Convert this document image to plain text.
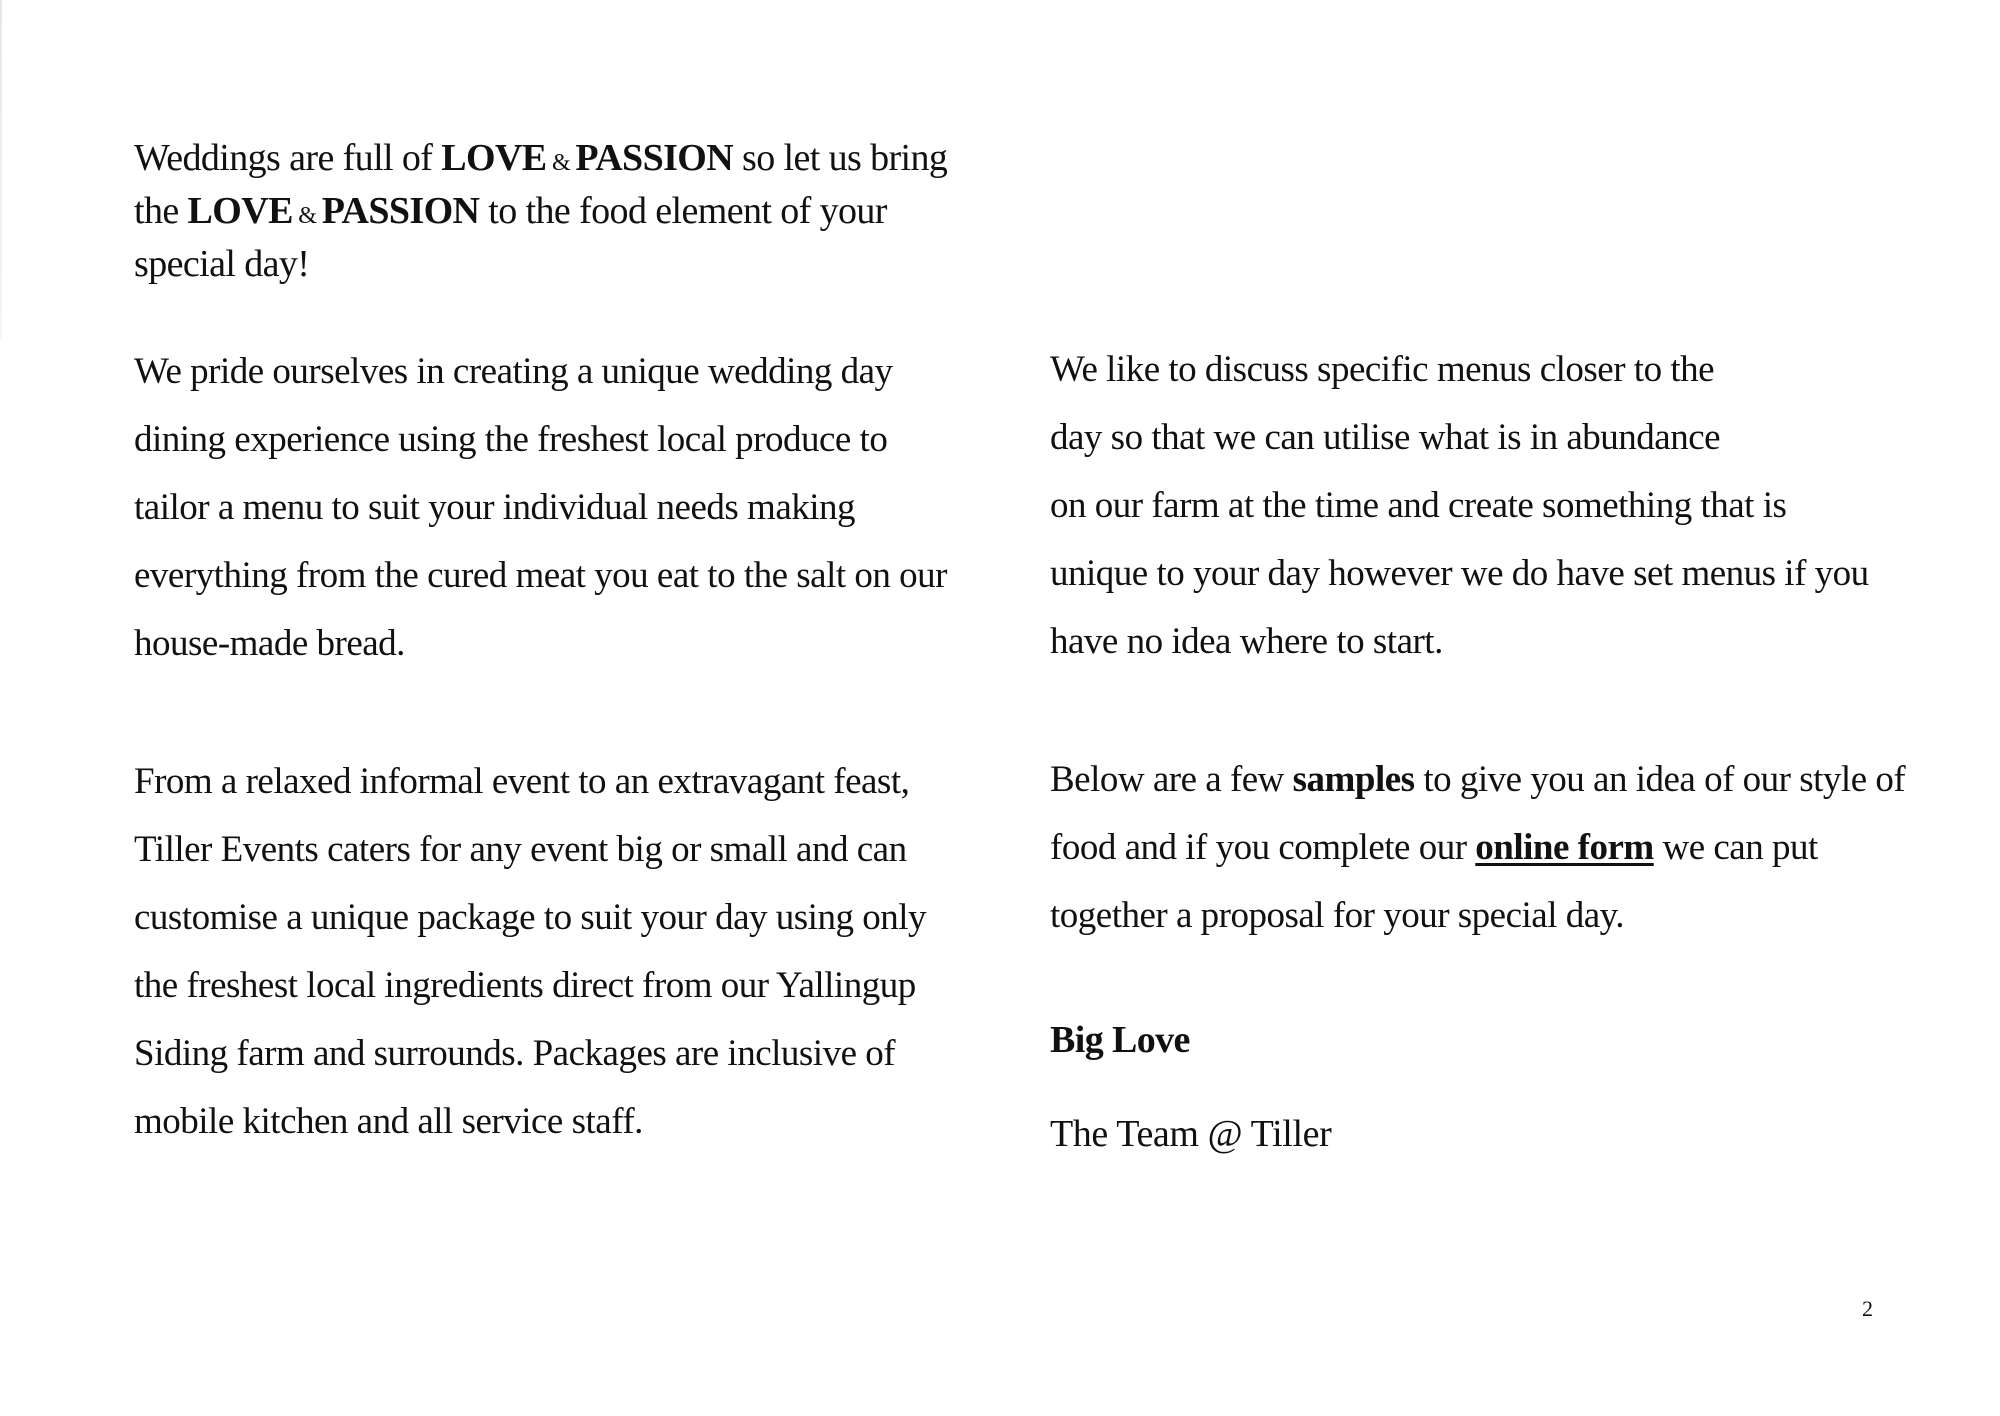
Weddings are full of LOVE & PASSION so let us bring
the LOVE & PASSION to the food element of your
special day!

We pride ourselves in creating a unique wedding day
dining experience using the freshest local produce to
tailor a menu to suit your individual needs making
everything from the cured meat you eat to the salt on our
house-made bread.

From a relaxed informal event to an extravagant feast,
Tiller Events caters for any event big or small and can
customise a unique package to suit your day using only
the freshest local ingredients direct from our Yallingup
Siding farm and surrounds. Packages are inclusive of
mobile kitchen and all service staff.

We like to discuss specific menus closer to the
day so that we can utilise what is in abundance
on our farm at the time and create something that is
unique to your day however we do have set menus if you
have no idea where to start.

Below are a few samples to give you an idea of our style of
food and if you complete our online form we can put
together a proposal for your special day.

Big Love

The Team @ Tiller

2
